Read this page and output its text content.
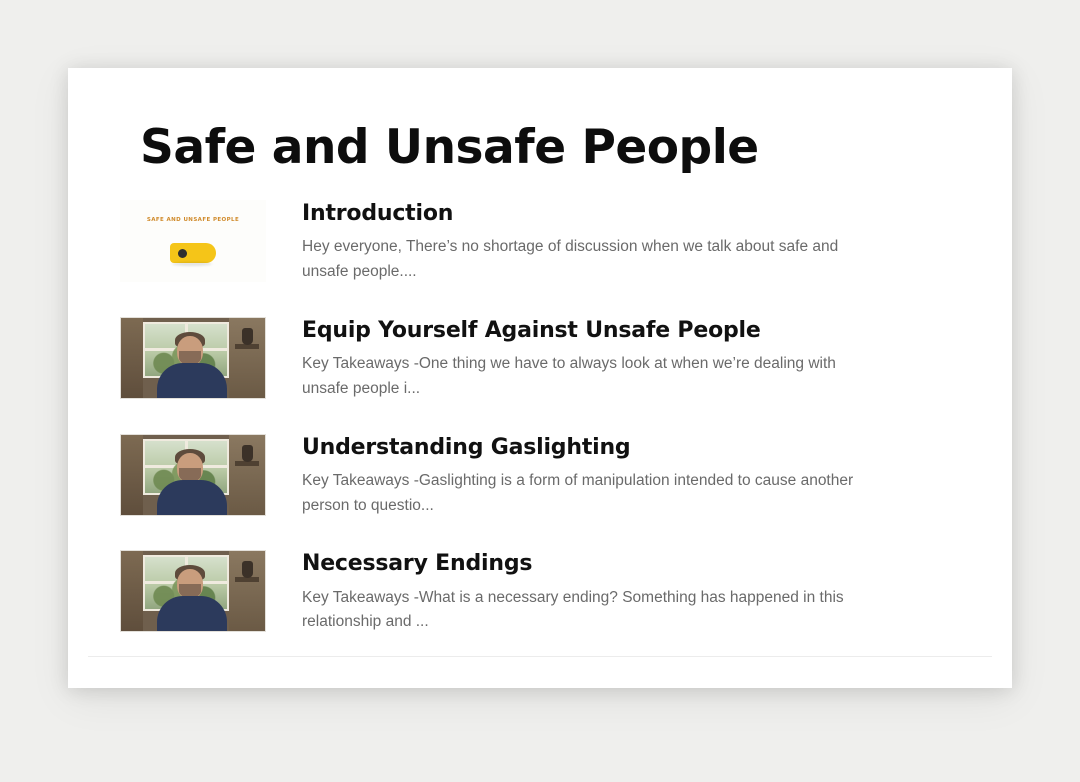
Safe and Unsafe People
SAFE AND UNSAFE PEOPLE	Introduction
Hey everyone, There’s no shortage of discussion when we talk about safe and unsafe people....
Equip Yourself Against Unsafe People
Key Takeaways -One thing we have to always look at when we’re dealing with unsafe people i...
Understanding Gaslighting
Key Takeaways -Gaslighting is a form of manipulation intended to cause another person to questio...
Necessary Endings
Key Takeaways -What is a necessary ending? Something has happened in this relationship and ...
